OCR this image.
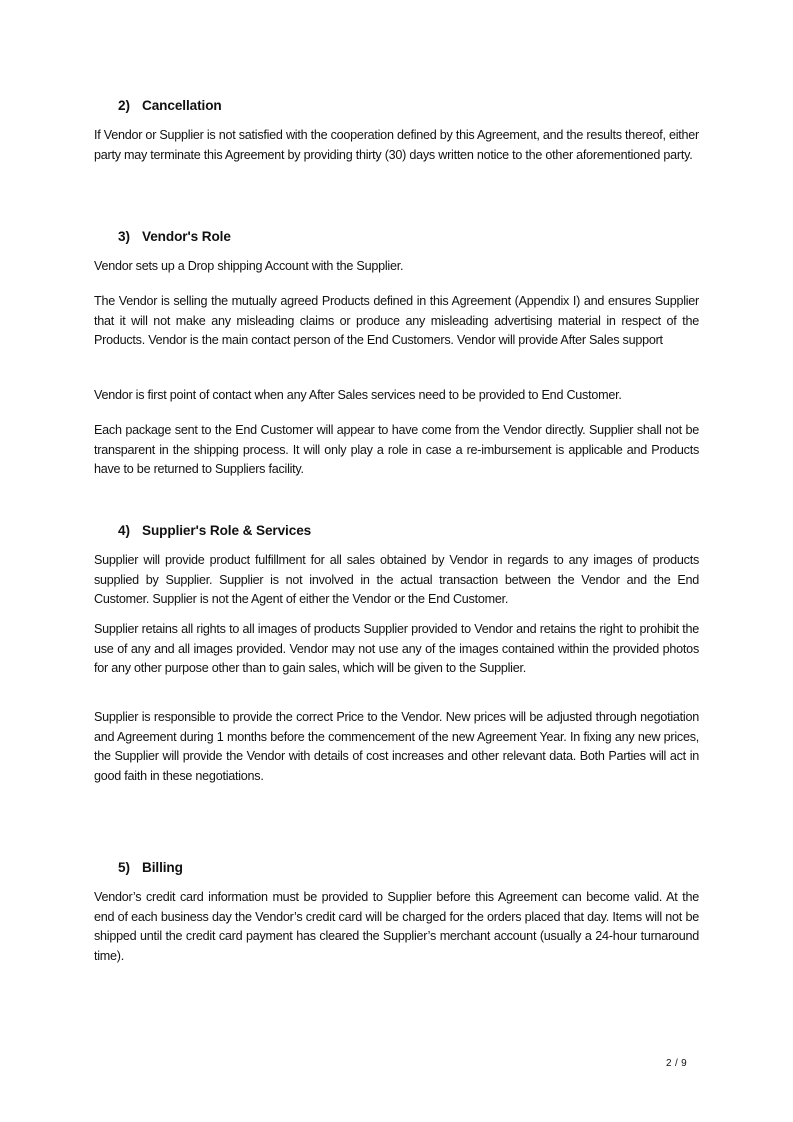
2) Cancellation

If Vendor or Supplier is not satisfied with the cooperation defined by this Agreement, and the results thereof, either party may terminate this Agreement by providing thirty (30) days written notice to the other aforementioned party.

3) Vendor's Role

Vendor sets up a Drop shipping Account with the Supplier.

The Vendor is selling the mutually agreed Products defined in this Agreement (Appendix I) and ensures Supplier that it will not make any misleading claims or produce any misleading advertising material in respect of the Products. Vendor is the main contact person of the End Customers. Vendor will provide After Sales support

Vendor is first point of contact when any After Sales services need to be provided to End Customer.

Each package sent to the End Customer will appear to have come from the Vendor directly. Supplier shall not be transparent in the shipping process. It will only play a role in case a re-imbursement is applicable and Products have to be returned to Suppliers facility.

4) Supplier's Role & Services

Supplier will provide product fulfillment for all sales obtained by Vendor in regards to any images of products supplied by Supplier. Supplier is not involved in the actual transaction between the Vendor and the End Customer. Supplier is not the Agent of either the Vendor or the End Customer.

Supplier retains all rights to all images of products Supplier provided to Vendor and retains the right to prohibit the use of any and all images provided. Vendor may not use any of the images contained within the provided photos for any other purpose other than to gain sales, which will be given to the Supplier.

Supplier is responsible to provide the correct Price to the Vendor. New prices will be adjusted through negotiation and Agreement during 1 months before the commencement of the new Agreement Year. In fixing any new prices, the Supplier will provide the Vendor with details of cost increases and other relevant data. Both Parties will act in good faith in these negotiations.

5) Billing

Vendor’s credit card information must be provided to Supplier before this Agreement can become valid. At the end of each business day the Vendor’s credit card will be charged for the orders placed that day. Items will not be shipped until the credit card payment has cleared the Supplier’s merchant account (usually a 24-hour turnaround time).

2 / 9
